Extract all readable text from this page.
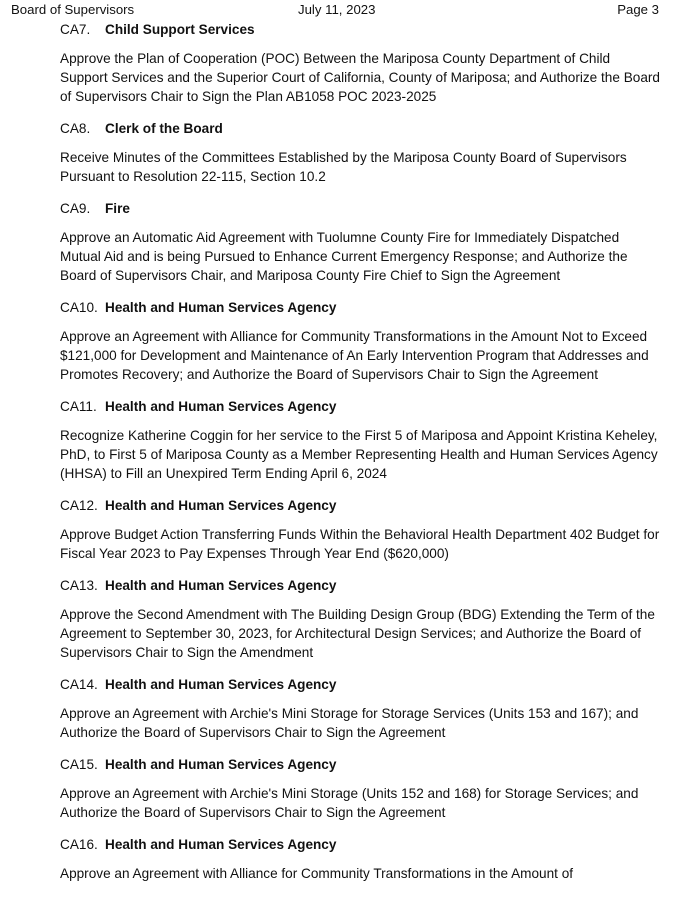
Board of Supervisors	July 11, 2023	Page 3

CA7. Child Support Services

Approve the Plan of Cooperation (POC) Between the Mariposa County Department of Child Support Services and the Superior Court of California, County of Mariposa; and Authorize the Board of Supervisors Chair to Sign the Plan AB1058 POC 2023-2025

CA8. Clerk of the Board

Receive Minutes of the Committees Established by the Mariposa County Board of Supervisors Pursuant to Resolution 22-115, Section 10.2

CA9. Fire

Approve an Automatic Aid Agreement with Tuolumne County Fire for Immediately Dispatched Mutual Aid and is being Pursued to Enhance Current Emergency Response; and Authorize the Board of Supervisors Chair, and Mariposa County Fire Chief to Sign the Agreement

CA10. Health and Human Services Agency

Approve an Agreement with Alliance for Community Transformations in the Amount Not to Exceed $121,000 for Development and Maintenance of An Early Intervention Program that Addresses and Promotes Recovery; and Authorize the Board of Supervisors Chair to Sign the Agreement

CA11. Health and Human Services Agency

Recognize Katherine Coggin for her service to the First 5 of Mariposa and Appoint Kristina Keheley, PhD, to First 5 of Mariposa County as a Member Representing Health and Human Services Agency (HHSA) to Fill an Unexpired Term Ending April 6, 2024

CA12. Health and Human Services Agency

Approve Budget Action Transferring Funds Within the Behavioral Health Department 402 Budget for Fiscal Year 2023 to Pay Expenses Through Year End ($620,000)

CA13. Health and Human Services Agency

Approve the Second Amendment with The Building Design Group (BDG) Extending the Term of the Agreement to September 30, 2023, for Architectural Design Services; and Authorize the Board of Supervisors Chair to Sign the Amendment

CA14. Health and Human Services Agency

Approve an Agreement with Archie's Mini Storage for Storage Services (Units 153 and 167); and Authorize the Board of Supervisors Chair to Sign the Agreement

CA15. Health and Human Services Agency

Approve an Agreement with Archie's Mini Storage (Units 152 and 168) for Storage Services; and Authorize the Board of Supervisors Chair to Sign the Agreement

CA16. Health and Human Services Agency

Approve an Agreement with Alliance for Community Transformations in the Amount of
